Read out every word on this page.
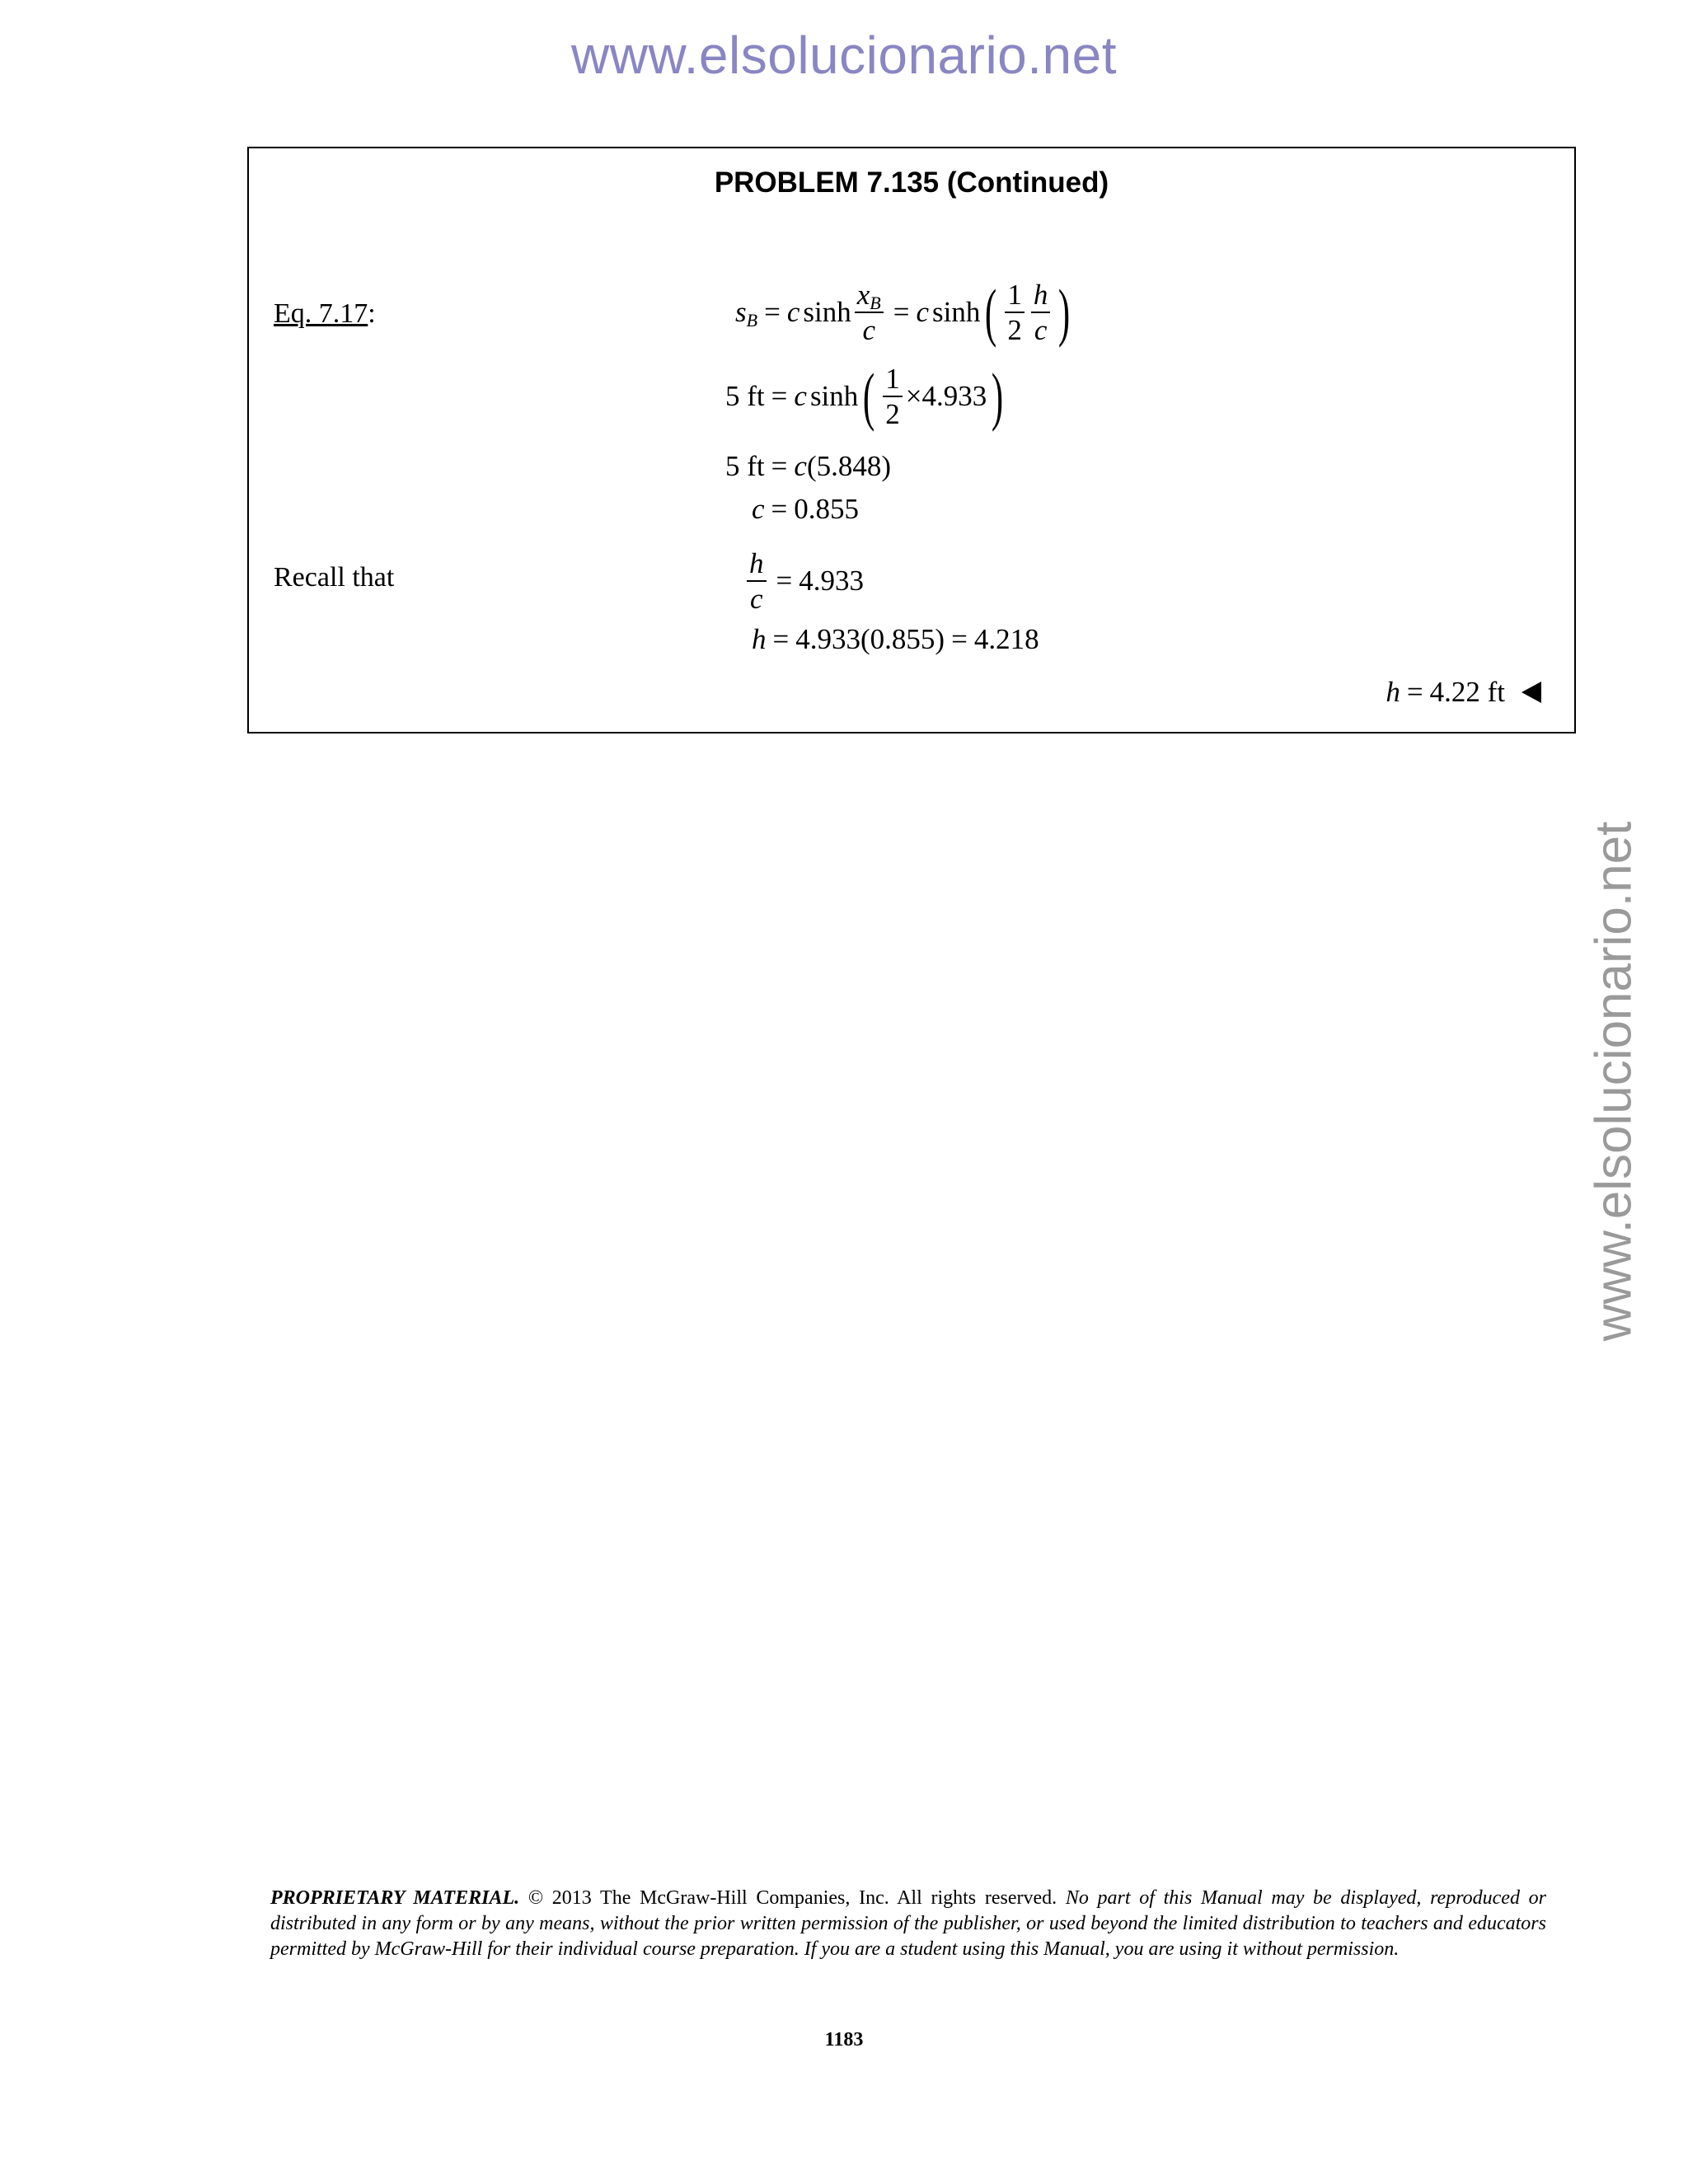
www.elsolucionario.net
www.elsolucionario.net
PROBLEM 7.135 (Continued)
Eq. 7.17:	s B = c $\sinh \frac{xB}{c} = c$ sinh ( $\frac{1}{2} \frac{h}{c}$ )
5 ft = c sinh ( $\frac{1}{2} \times 4.933$ )
5 ft = c (5.848)
c = 0.855
Recall that	$\frac{h}{c} = 4.933$
h = 4.933(0.855) = 4.218
h = 4.22 ft
PROPRIETARY MATERIAL. © 2013 The McGraw-Hill Companies, Inc. All rights reserved. No part of this Manual may be displayed, reproduced or distributed in any form or by any means, without the prior written permission of the publisher, or used beyond the limited distribution to teachers and educators permitted by McGraw-Hill for their individual course preparation. If you are a student using this Manual, you are using it without permission.
1183
